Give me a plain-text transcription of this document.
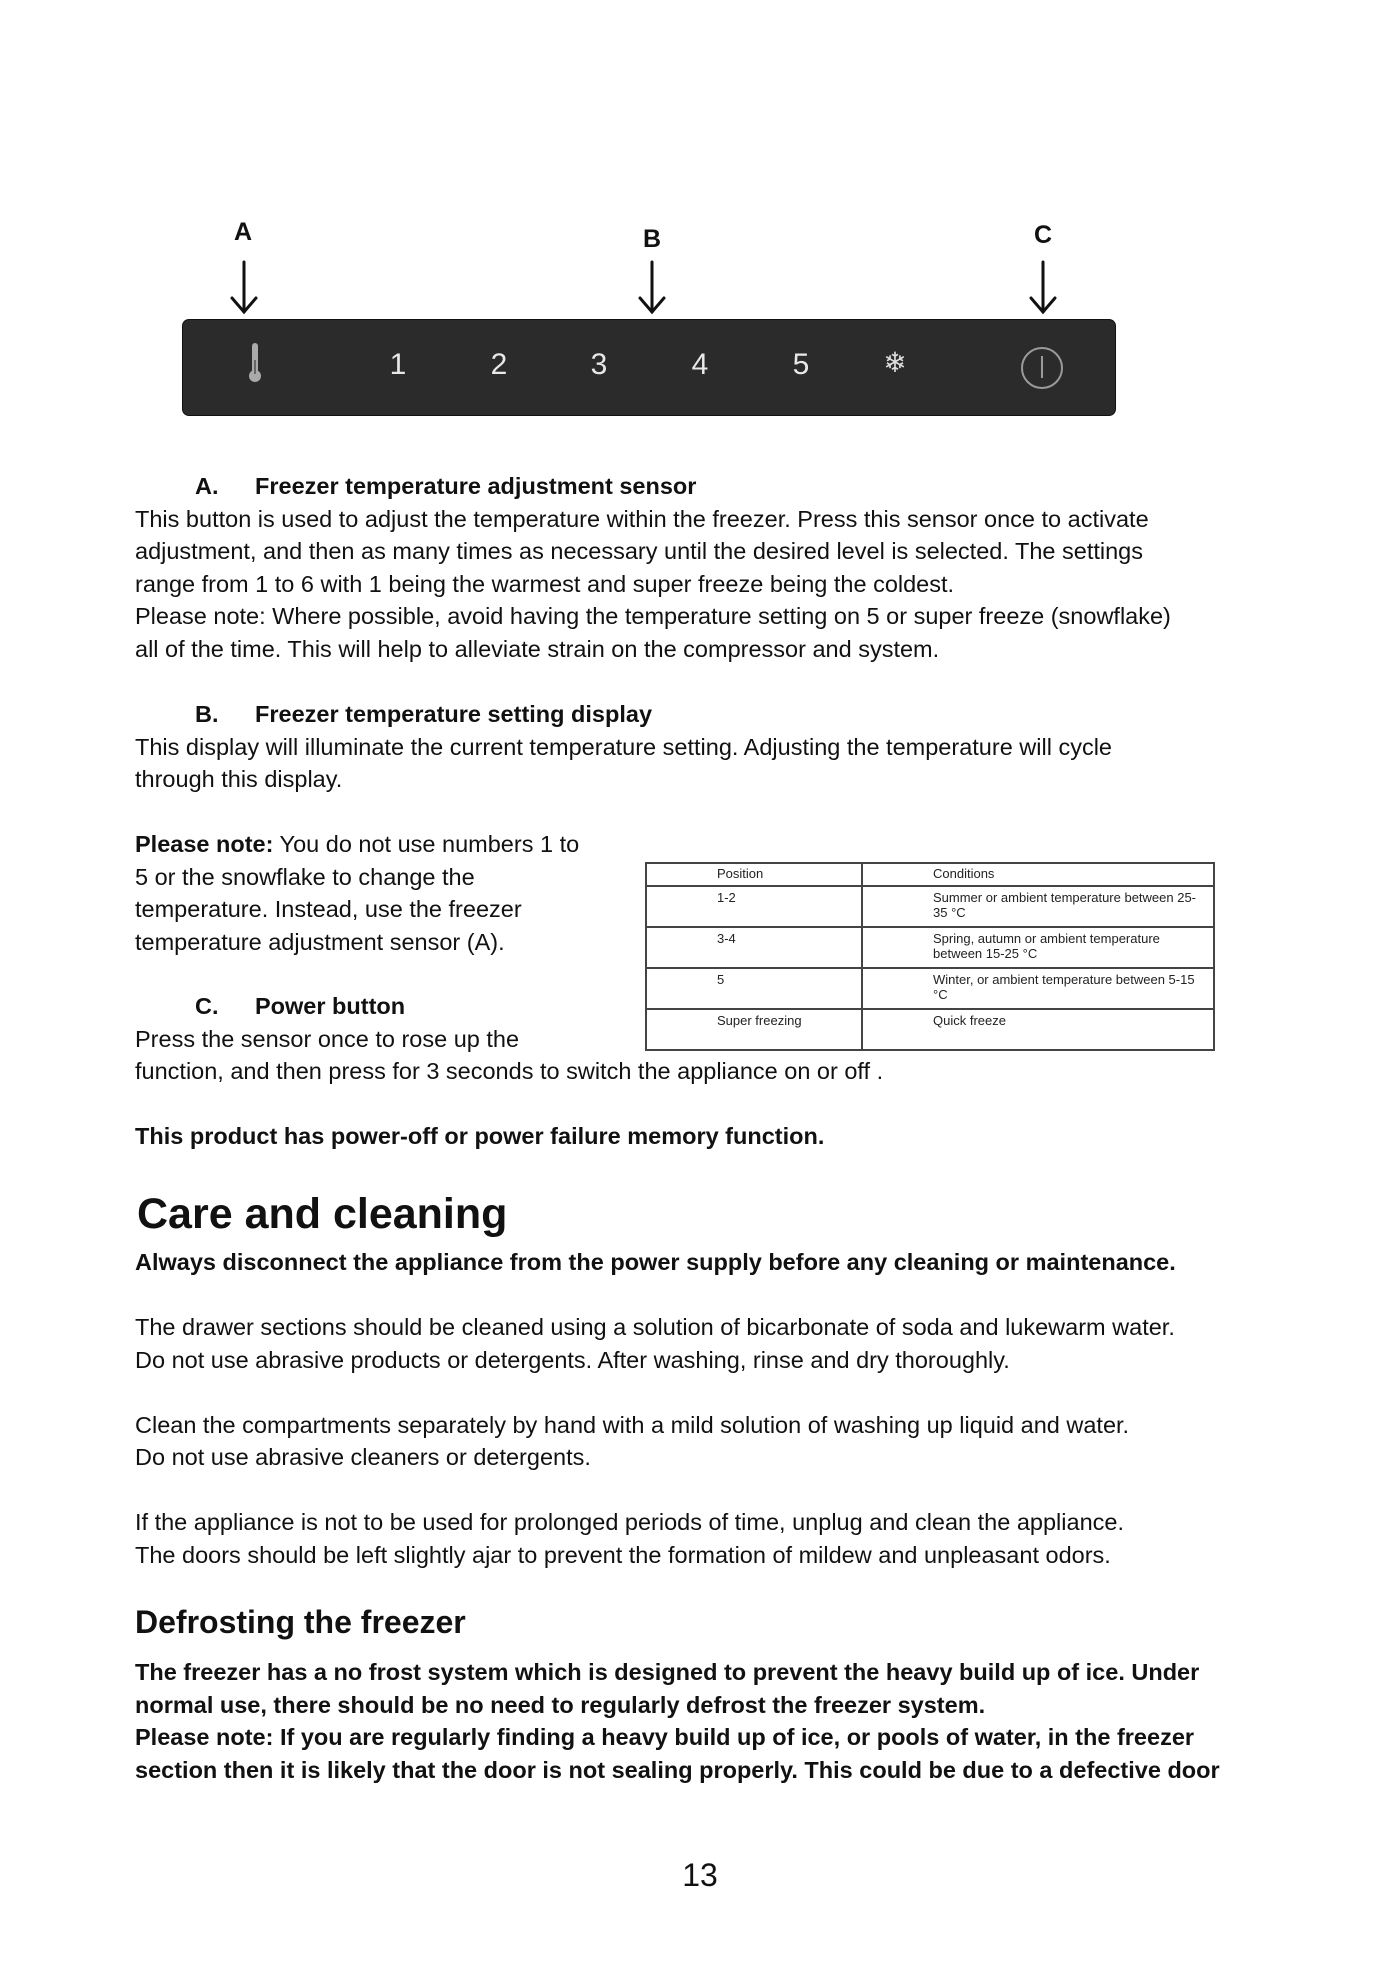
A	B	C
1	2	3	4	5	❄
A. Freezer temperature adjustment sensor
This button is used to adjust the temperature within the freezer. Press this sensor once to activate
adjustment, and then as many times as necessary until the desired level is selected. The settings
range from 1 to 6 with 1 being the warmest and super freeze being the coldest.
Please note: Where possible, avoid having the temperature setting on 5 or super freeze (snowflake)
all of the time. This will help to alleviate strain on the compressor and system.
B. Freezer temperature setting display
This display will illuminate the current temperature setting. Adjusting the temperature will cycle
through this display.
Please note: You do not use numbers 1 to
5 or the snowflake to change the
temperature. Instead, use the freezer
temperature adjustment sensor (A).
Position	Conditions
1-2	Summer or ambient temperature between 25-35 °C
3-4	Spring, autumn or ambient temperature between 15-25 °C
5	Winter, or ambient temperature between 5-15 °C
Super freezing	Quick freeze
C. Power button
Press the sensor once to rose up the
function, and then press for 3 seconds to switch the appliance on or off .
This product has power-off or power failure memory function.
Care and cleaning
Always disconnect the appliance from the power supply before any cleaning or maintenance.
The drawer sections should be cleaned using a solution of bicarbonate of soda and lukewarm water.
Do not use abrasive products or detergents. After washing, rinse and dry thoroughly.
Clean the compartments separately by hand with a mild solution of washing up liquid and water.
Do not use abrasive cleaners or detergents.
If the appliance is not to be used for prolonged periods of time, unplug and clean the appliance.
The doors should be left slightly ajar to prevent the formation of mildew and unpleasant odors.
Defrosting the freezer
The freezer has a no frost system which is designed to prevent the heavy build up of ice. Under
normal use, there should be no need to regularly defrost the freezer system.
Please note: If you are regularly finding a heavy build up of ice, or pools of water, in the freezer
section then it is likely that the door is not sealing properly. This could be due to a defective door
13
